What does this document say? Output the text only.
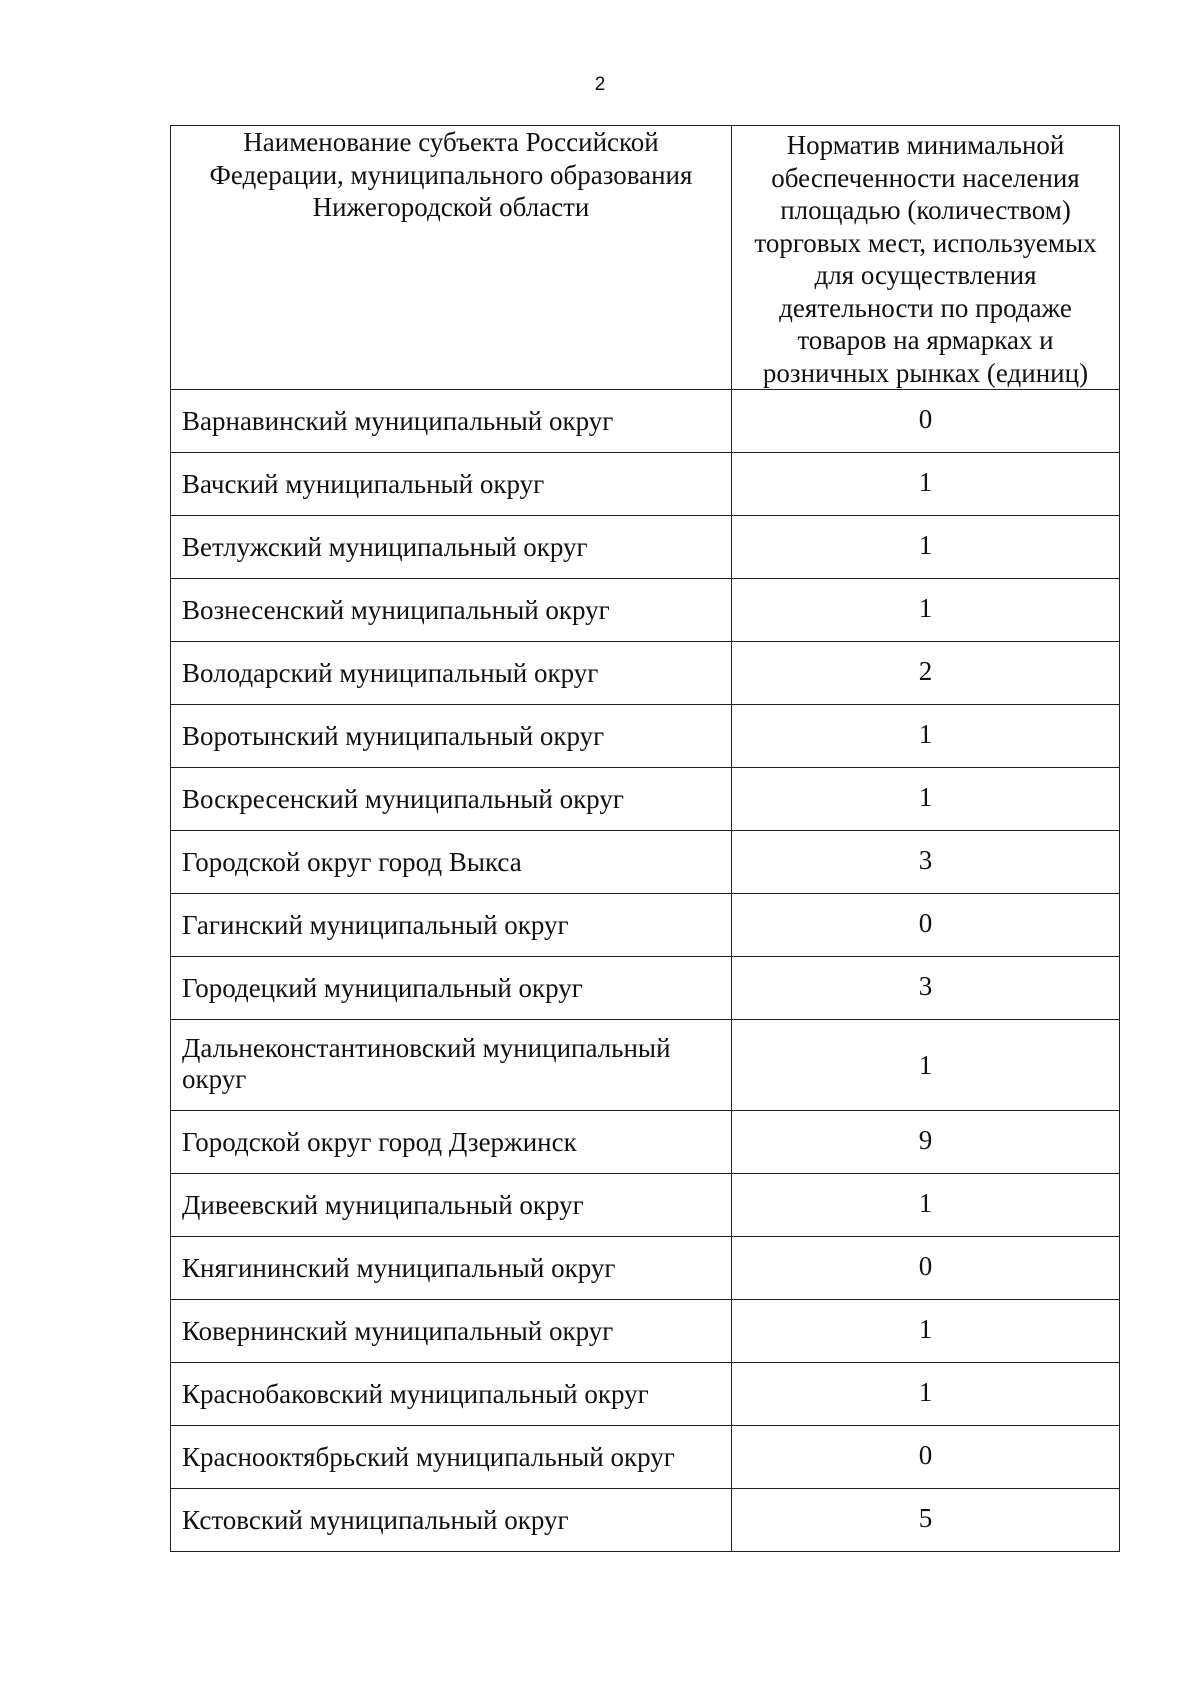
2
Наименование субъекта Российской Федерации, муниципального образования Нижегородской области	Норматив минимальной обеспеченности населения площадью (количеством) торговых мест, используемых для осуществления деятельности по продаже товаров на ярмарках и розничных рынках (единиц)

Варнавинский муниципальный округ	0

Вачский муниципальный округ	1

Ветлужский муниципальный округ	1

Вознесенский муниципальный округ	1

Володарский муниципальный округ	2

Воротынский муниципальный округ	1

Воскресенский муниципальный округ	1

Городской округ город Выкса	3

Гагинский муниципальный округ	0

Городецкий муниципальный округ	3

Дальнеконстантиновский муниципальный округ	1

Городской округ город Дзержинск	9

Дивеевский муниципальный округ	1

Княгининский муниципальный округ	0

Ковернинский муниципальный округ	1

Краснобаковский муниципальный округ	1

Краснооктябрьский муниципальный округ	0

Кстовский муниципальный округ	5
